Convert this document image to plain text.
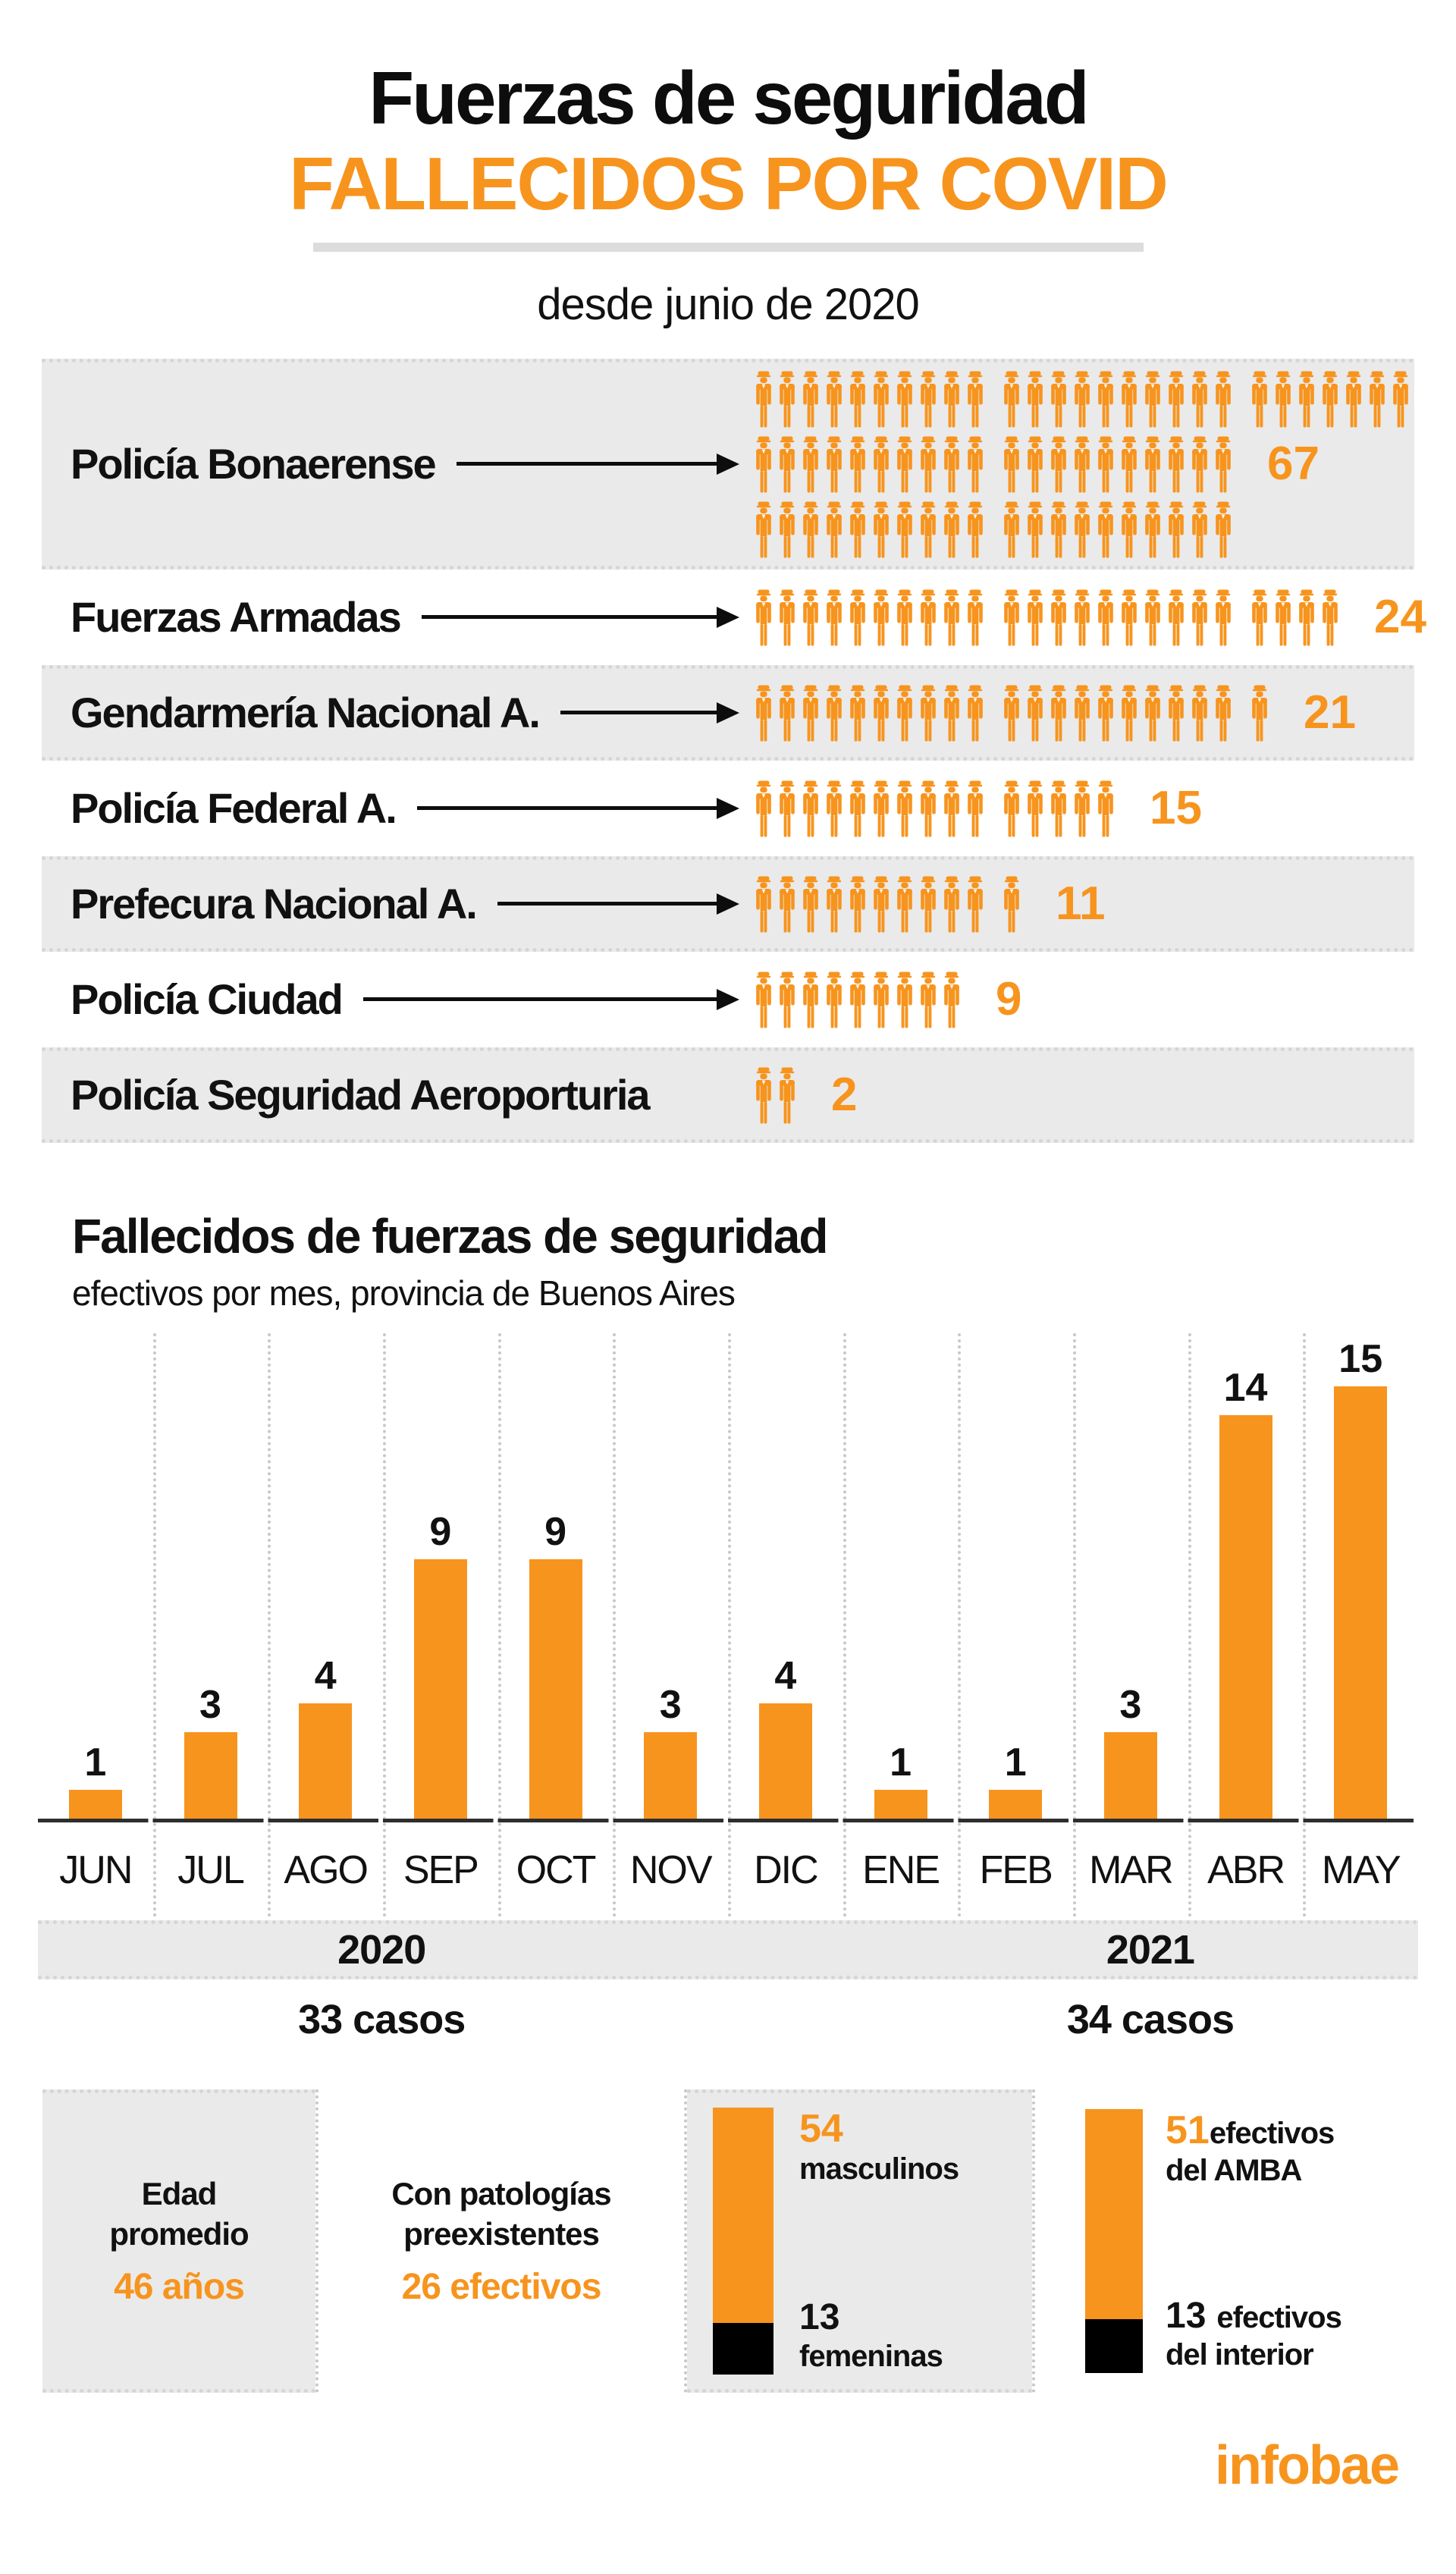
Fuerzas de seguridad
FALLECIDOS POR COVID
desde junio de 2020
Policía Bonaerense	67
Fuerzas Armadas	24
Gendarmería Nacional A.	21
Policía Federal A.	15
Prefecura Nacional A.	11
Policía Ciudad	9
Policía Seguridad Aeroporturia	2
Fallecidos de fuerzas de seguridad
efectivos por mes, provincia de Buenos Aires
1
3
4
9 9
3
4
1 1
3
14
15
JUN	JUL	AGO SEP OCT NOV	DIC	ENE	FEB MAR ABR MAY
2020	2021
33 casos	34 casos
Edad
promedio
46 años
Con patologías
preexistentes
26 efectivos
54
masculinos
13
femeninas
51efectivos
del AMBA
13 efectivos
del interior
infobae
